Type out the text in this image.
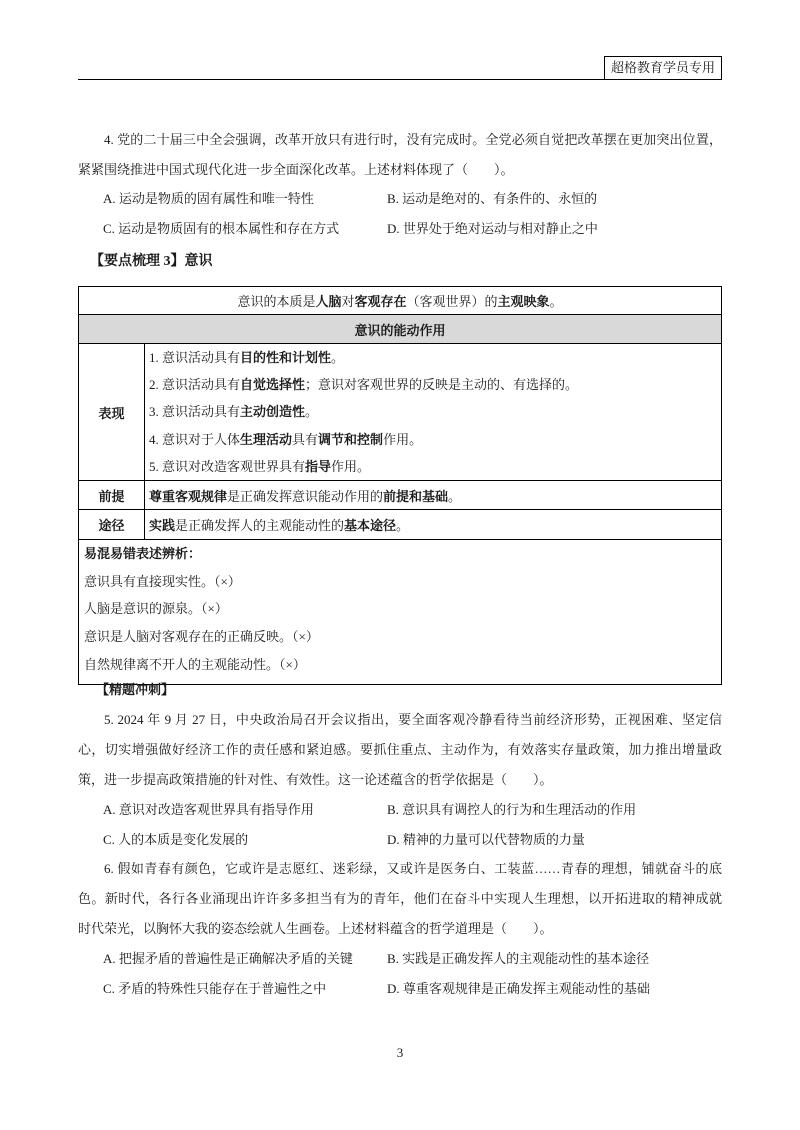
超格教育学员专用
4. 党的二十届三中全会强调，改革开放只有进行时，没有完成时。全党必须自觉把改革摆在更加突出位置，
紧紧围绕推进中国式现代化进一步全面深化改革。上述材料体现了（　　）。
A. 运动是物质的固有属性和唯一特性	B. 运动是绝对的、有条件的、永恒的
C. 运动是物质固有的根本属性和存在方式	D. 世界处于绝对运动与相对静止之中
【要点梳理 3】意识
意识的本质是人脑对客观存在（客观世界）的主观映象。	
意识的能动作用	
表现	1. 意识活动具有目的性和计划性。
2. 意识活动具有自觉选择性；意识对客观世界的反映是主动的、有选择的。
3. 意识活动具有主动创造性。
4. 意识对于人体生理活动具有调节和控制作用。
5. 意识对改造客观世界具有指导作用。

前提	尊重客观规律是正确发挥意识能动作用的前提和基础。
途径	实践是正确发挥人的主观能动性的基本途径。

易混易错表述辨析：
意识具有直接现实性。（×）
人脑是意识的源泉。（×）
意识是人脑对客观存在的正确反映。（×）
自然规律离不开人的主观能动性。（×）	
【精题冲刺】
5. 2024 年 9 月 27 日，中央政治局召开会议指出，要全面客观冷静看待当前经济形势，正视困难、坚定信
心，切实增强做好经济工作的责任感和紧迫感。要抓住重点、主动作为，有效落实存量政策，加力推出增量政
策，进一步提高政策措施的针对性、有效性。这一论述蕴含的哲学依据是（　　）。
A. 意识对改造客观世界具有指导作用	B. 意识具有调控人的行为和生理活动的作用
C. 人的本质是变化发展的	D. 精神的力量可以代替物质的力量
6. 假如青春有颜色，它或许是志愿红、迷彩绿，又或许是医务白、工装蓝……青春的理想，铺就奋斗的底
色。新时代，各行各业涌现出许许多多担当有为的青年，他们在奋斗中实现人生理想，以开拓进取的精神成就
时代荣光，以胸怀大我的姿态绘就人生画卷。上述材料蕴含的哲学道理是（　　）。
A. 把握矛盾的普遍性是正确解决矛盾的关键	B. 实践是正确发挥人的主观能动性的基本途径
C. 矛盾的特殊性只能存在于普遍性之中	D. 尊重客观规律是正确发挥主观能动性的基础
3
